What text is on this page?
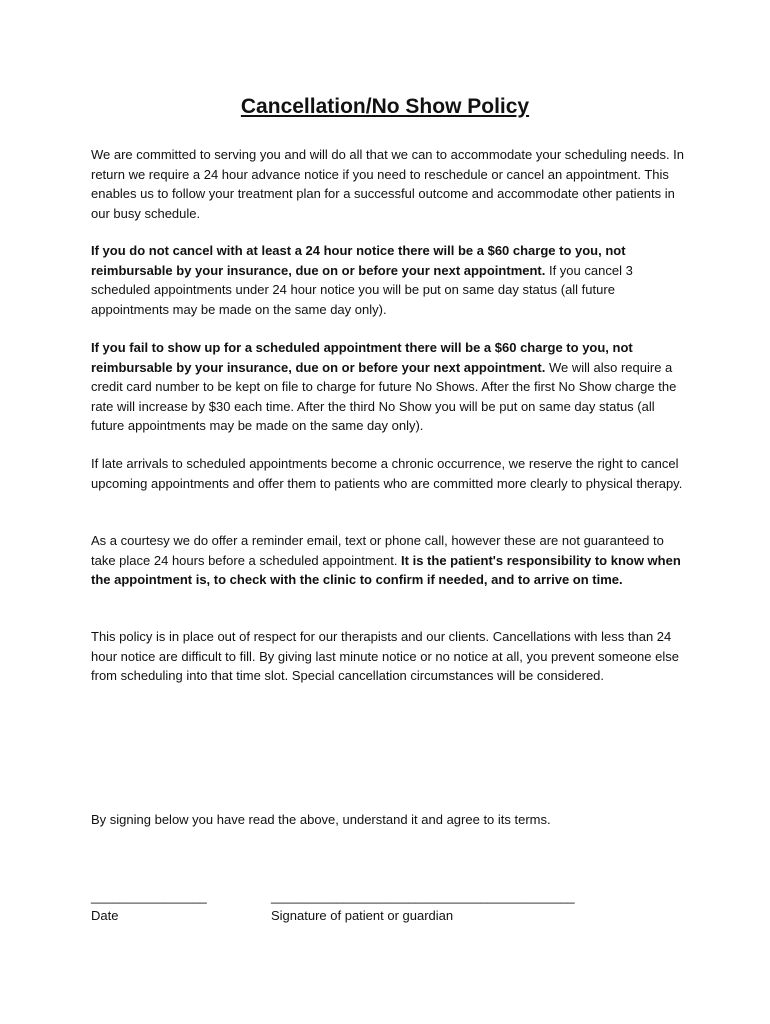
Cancellation/No Show Policy

We are committed to serving you and will do all that we can to accommodate your scheduling needs. In return we require a 24 hour advance notice if you need to reschedule or cancel an appointment. This enables us to follow your treatment plan for a successful outcome and accommodate other patients in our busy schedule.

If you do not cancel with at least a 24 hour notice there will be a $60 charge to you, not reimbursable by your insurance, due on or before your next appointment. If you cancel 3 scheduled appointments under 24 hour notice you will be put on same day status (all future appointments may be made on the same day only).

If you fail to show up for a scheduled appointment there will be a $60 charge to you, not reimbursable by your insurance, due on or before your next appointment. We will also require a credit card number to be kept on file to charge for future No Shows. After the first No Show charge the rate will increase by $30 each time. After the third No Show you will be put on same day status (all future appointments may be made on the same day only).

If late arrivals to scheduled appointments become a chronic occurrence, we reserve the right to cancel upcoming appointments and offer them to patients who are committed more clearly to physical therapy.

As a courtesy we do offer a reminder email, text or phone call, however these are not guaranteed to take place 24 hours before a scheduled appointment. It is the patient's responsibility to know when the appointment is, to check with the clinic to confirm if needed, and to arrive on time.

This policy is in place out of respect for our therapists and our clients. Cancellations with less than 24 hour notice are difficult to fill. By giving last minute notice or no notice at all, you prevent someone else from scheduling into that time slot. Special cancellation circumstances will be considered.

By signing below you have read the above, understand it and agree to its terms.

________________	__________________________________________
Date	Signature of patient or guardian
